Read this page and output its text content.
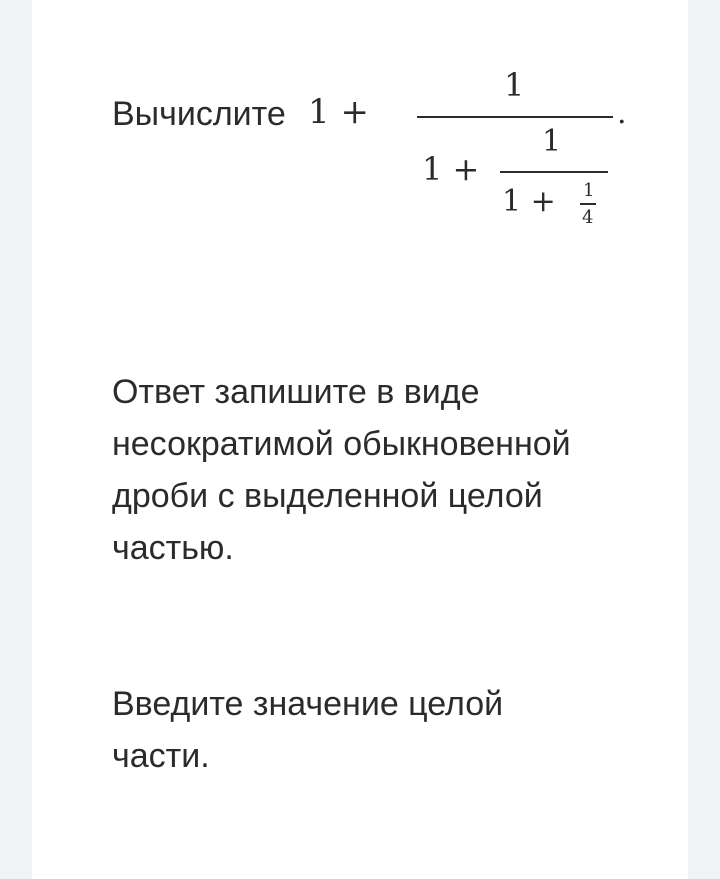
Вычислите 1 +
1
.
1 +
1
1 + 1
4
Ответ запишите в виде несократимой обыкновенной дроби с выделенной целой частью.
Введите значение целой части.
